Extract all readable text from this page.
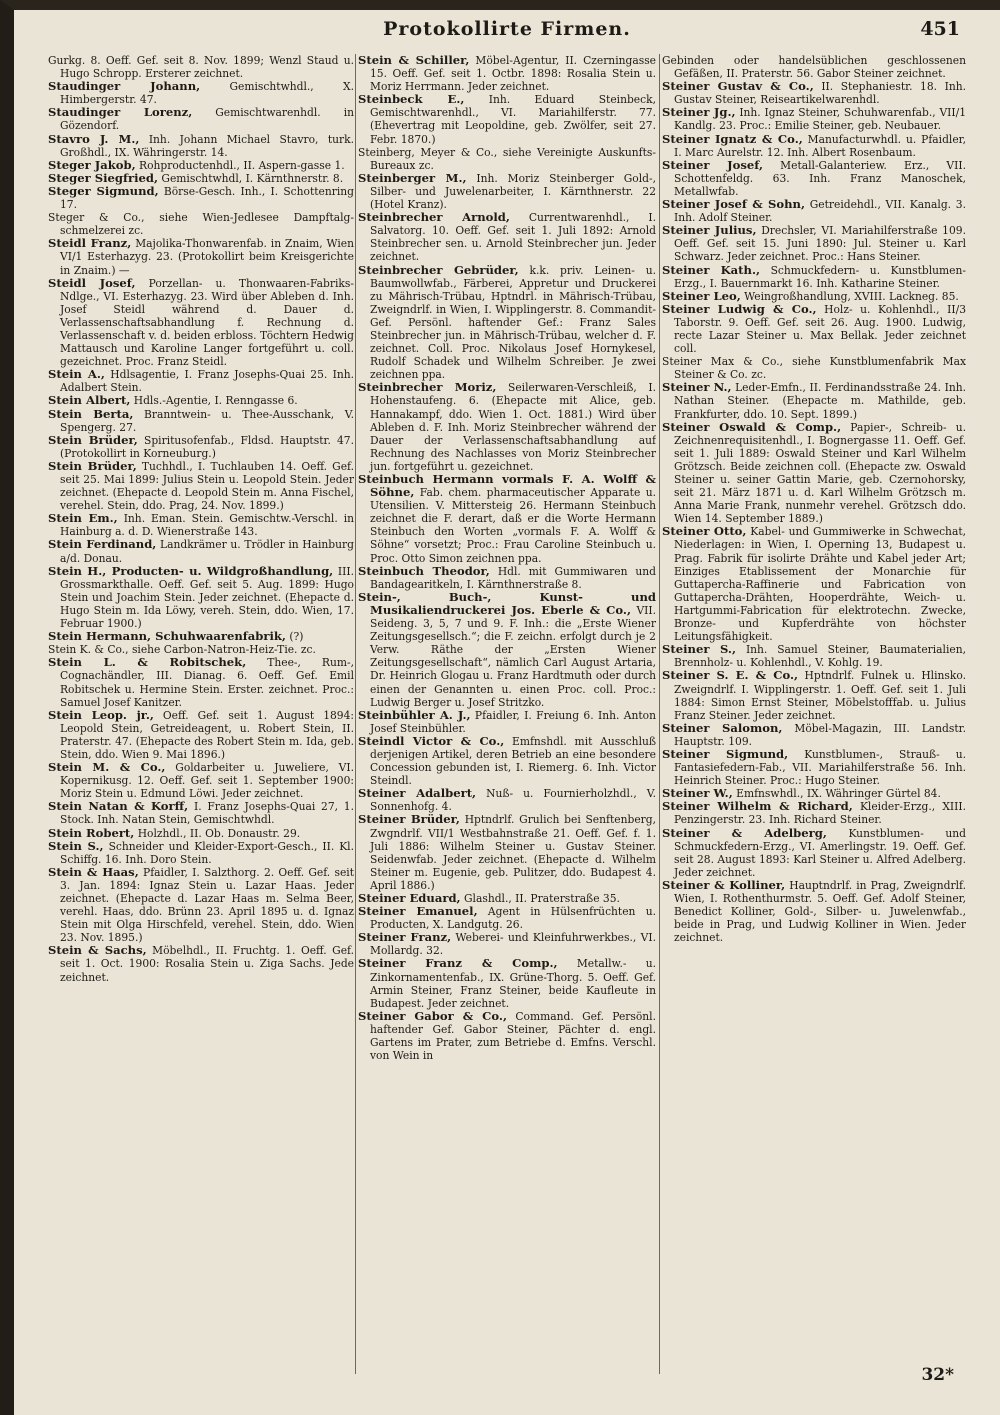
Protokollirte Firmen.	451

Gurkg. 8. Oeff. Gef. seit 8. Nov. 1899; Wenzl Staud u. Hugo Schropp. Ersterer zeichnet.

Staudinger Johann,	Gemischtwhdl., X. Himbergerstr. 47.

Staudinger Lorenz, Gemischtwarenhdl. in Gözendorf.

Stavro J. M., Inh. Johann Michael Stavro, turk. Großhdl., IX. Währingerstr. 14.

Steger Jakob, Rohproductenhdl., II. Aspern-gasse 1.

Steger Siegfried, Gemischtwhdl, I. Kärnthnerstr. 8.

Steger Sigmund, Börse-Gesch. Inh., I. Schottenring 17.

Steger & Co., siehe Wien-Jedlesee Dampftalg-schmelzerei zc.

Steidl Franz, Majolika-Thonwarenfab. in Znaim, Wien VI/1 Esterhazyg. 23. (Protokollirt beim Kreisgerichte in Znaim.) —

Steidl Josef, Porzellan- u. Thonwaaren-Fabriks-Ndlge., VI. Esterhazyg. 23. Wird über Ableben d. Inh. Josef Steidl während d. Dauer d. Verlassenschaftsabhandlung f. Rechnung d. Verlassenschaft v. d. beiden erbloss. Töchtern Hedwig Mattausch und Karoline Langer fortgeführt u. coll. gezeichnet. Proc. Franz Steidl.

Stein A., Hdlsagentie, I. Franz Josephs-Quai 25. Inh. Adalbert Stein.

Stein Albert, Hdls.-Agentie, I. Renngasse 6.

Stein Berta, Branntwein- u. Thee-Ausschank, V. Spengerg. 27.

Stein Brüder, Spiritusofenfab., Fldsd. Hauptstr. 47. (Protokollirt in Korneuburg.)

Stein Brüder, Tuchhdl., I. Tuchlauben 14. Oeff. Gef. seit 25. Mai 1899: Julius Stein u. Leopold Stein. Jeder zeichnet. (Ehepacte d. Leopold Stein m. Anna Fischel, verehel. Stein, ddo. Prag, 24. Nov. 1899.)

Stein Em., Inh. Eman. Stein. Gemischtw.-Verschl. in Hainburg a. d. D. Wienerstraße 143.

Stein Ferdinand, Landkrämer u. Trödler in Hainburg a/d. Donau.

Stein H., Producten- u. Wildgroßhandlung, III. Grossmarkthalle. Oeff. Gef. seit 5. Aug. 1899: Hugo Stein und Joachim Stein. Jeder zeichnet. (Ehepacte d. Hugo Stein m. Ida Löwy, vereh. Stein, ddo. Wien, 17. Februar 1900.)

Stein Hermann, Schuhwaarenfabrik, (?)

Stein K. & Co., siehe Carbon-Natron-Heiz-Tie. zc.

Stein L. & Robitschek, Thee-, Rum-, Cognachändler, III. Dianag. 6. Oeff. Gef. Emil Robitschek u. Hermine Stein. Erster. zeichnet. Proc.: Samuel Josef Kanitzer.

Stein Leop. jr., Oeff. Gef. seit 1. August 1894: Leopold Stein, Getreideagent, u. Robert Stein, II. Praterstr. 47. (Ehepacte des Robert Stein m. Ida, geb. Stein, ddo. Wien 9. Mai 1896.)

Stein M. & Co., Goldarbeiter u. Juweliere, VI. Kopernikusg. 12. Oeff. Gef. seit 1. September 1900: Moriz Stein u. Edmund Löwi. Jeder zeichnet.

Stein Natan & Korff, I. Franz Josephs-Quai 27, 1. Stock. Inh. Natan Stein, Gemischtwhdl.

Stein Robert, Holzhdl., II. Ob. Donaustr. 29.

Stein S., Schneider und Kleider-Export-Gesch., II. Kl. Schiffg. 16. Inh. Doro Stein.

Stein & Haas, Pfaidler, I. Salzthorg. 2. Oeff. Gef. seit 3. Jan. 1894: Ignaz Stein u. Lazar Haas. Jeder zeichnet. (Ehepacte d. Lazar Haas m. Selma Beer, verehl. Haas, ddo. Brünn 23. April 1895 u. d. Ignaz Stein mit Olga Hirschfeld, verehel. Stein, ddo. Wien 23. Nov. 1895.)

Stein & Sachs, Möbelhdl., II. Fruchtg. 1. Oeff. Gef. seit 1. Oct. 1900: Rosalia Stein u. Ziga Sachs. Jede zeichnet.

Stein & Schiller, Möbel-Agentur, II. Czerningasse 15. Oeff. Gef. seit 1. Octbr. 1898: Rosalia Stein u. Moriz Herrmann. Jeder zeichnet.

Steinbeck E., Inh. Eduard Steinbeck, Gemischtwarenhdl., VI. Mariahilferstr. 77. (Ehevertrag mit Leopoldine, geb. Zwölfer, seit 27. Febr. 1870.)

Steinberg, Meyer & Co., siehe Vereinigte Auskunfts-Bureaux zc.

Steinberger M., Inh. Moriz Steinberger Gold-, Silber- und Juwelenarbeiter, I. Kärnthnerstr. 22 (Hotel Kranz).

Steinbrecher Arnold, Currentwarenhdl., I. Salvatorg. 10. Oeff. Gef. seit 1. Juli 1892: Arnold Steinbrecher sen. u. Arnold Steinbrecher jun. Jeder zeichnet.

Steinbrecher Gebrüder, k.k. priv. Leinen- u. Baumwollwfab., Färberei, Appretur und Druckerei zu Mährisch-Trübau, Hptndrl. in Mährisch-Trübau, Zweigndrlf. in Wien, I. Wipplingerstr. 8. Commandit-Gef. Persönl. haftender Gef.: Franz Sales Steinbrecher jun. in Mährisch-Trübau, welcher d. F. zeichnet. Coll. Proc. Nikolaus Josef Hornykesel, Rudolf Schadek und Wilhelm Schreiber. Je zwei zeichnen ppa.

Steinbrecher Moriz, Seilerwaren-Verschleiß, I. Hohenstaufeng. 6. (Ehepacte mit Alice, geb. Hannakampf, ddo. Wien 1. Oct. 1881.) Wird über Ableben d. F. Inh. Moriz Steinbrecher während der Dauer der Verlassenschaftsabhandlung auf Rechnung des Nachlasses von Moriz Steinbrecher jun. fortgeführt u. gezeichnet.

Steinbuch Hermann vormals F. A. Wolff & Söhne, Fab. chem. pharmaceutischer Apparate u. Utensilien. V. Mittersteig 26. Hermann Steinbuch zeichnet die F. derart, daß er die Worte Hermann Steinbuch den Worten „vormals F. A. Wolff & Söhne“ vorsetzt; Proc.: Frau Caroline Steinbuch u. Proc. Otto Simon zeichnen ppa.

Steinbuch Theodor, Hdl. mit Gummiwaren und Bandagearitkeln, I. Kärnthnerstraße 8.

Stein-, Buch-, Kunst- und Musikaliendruckerei Jos. Eberle & Co., VII. Seideng. 3, 5, 7 und 9. F. Inh.: die „Erste Wiener Zeitungsgesellsch.“; die F. zeichn. erfolgt durch je 2 Verw. Räthe der „Ersten Wiener Zeitungsgesellschaft“, nämlich Carl August Artaria, Dr. Heinrich Glogau u. Franz Hardtmuth oder durch einen der Genannten u. einen Proc. coll. Proc.: Ludwig Berger u. Josef Stritzko.

Steinbühler A. J., Pfaidler, I. Freiung 6. Inh. Anton Josef Steinbühler.

Steindl Victor & Co., Emfnshdl. mit Ausschluß derjenigen Artikel, deren Betrieb an eine besondere Concession gebunden ist, I. Riemerg. 6. Inh. Victor Steindl.

Steiner Adalbert, Nuß- u. Fournierholzhdl., V. Sonnenhofg. 4.

Steiner Brüder, Hptndrlf. Grulich bei Senftenberg, Zwgndrlf. VII/1 Westbahnstraße 21. Oeff. Gef. f. 1. Juli 1886: Wilhelm Steiner u. Gustav Steiner. Seidenwfab. Jeder zeichnet. (Ehepacte d. Wilhelm Steiner m. Eugenie, geb. Pulitzer, ddo. Budapest 4. April 1886.)

Steiner Eduard, Glashdl., II. Praterstraße 35.

Steiner Emanuel, Agent in Hülsenfrüchten u. Producten, X. Landgutg. 26.

Steiner Franz, Weberei- und Kleinfuhrwerkbes., VI. Mollardg. 32.

Steiner Franz & Comp., Metallw.- u. Zinkornamentenfab., IX. Grüne-Thorg. 5. Oeff. Gef. Armin Steiner, Franz Steiner, beide Kaufleute in Budapest. Jeder zeichnet.

Steiner Gabor & Co., Command. Gef. Persönl. haftender Gef. Gabor Steiner, Pächter d. engl. Gartens im Prater, zum Betriebe d. Emfns. Verschl. von Wein in

Gebinden oder handelsüblichen geschlossenen Gefäßen, II. Praterstr. 56. Gabor Steiner zeichnet.

Steiner Gustav & Co., II. Stephaniestr. 18. Inh. Gustav Steiner, Reiseartikelwarenhdl.

Steiner Jg., Inh. Ignaz Steiner, Schuhwarenfab., VII/1 Kandlg. 23. Proc.: Emilie Steiner, geb. Neubauer.

Steiner Ignatz & Co., Manufacturwhdl. u. Pfaidler, I. Marc Aurelstr. 12. Inh. Albert Rosenbaum.

Steiner Josef, Metall-Galanteriew. Erz., VII. Schottenfeldg. 63. Inh. Franz Manoschek, Metallwfab.

Steiner Josef & Sohn, Getreidehdl., VII. Kanalg. 3. Inh. Adolf Steiner.

Steiner Julius, Drechsler, VI. Mariahilferstraße 109. Oeff. Gef. seit 15. Juni 1890: Jul. Steiner u. Karl Schwarz. Jeder zeichnet. Proc.: Hans Steiner.

Steiner Kath., Schmuckfedern- u. Kunstblumen-Erzg., I. Bauernmarkt 16. Inh. Katharine Steiner.

Steiner Leo, Weingroßhandlung, XVIII. Lackneg. 85.

Steiner Ludwig & Co., Holz- u. Kohlenhdl., II/3 Taborstr. 9. Oeff. Gef. seit 26. Aug. 1900. Ludwig, recte Lazar Steiner u. Max Bellak. Jeder zeichnet coll.

Steiner Max & Co., siehe Kunstblumenfabrik Max Steiner & Co. zc.

Steiner N., Leder-Emfn., II. Ferdinandsstraße 24. Inh. Nathan Steiner. (Ehepacte m. Mathilde, geb. Frankfurter, ddo. 10. Sept. 1899.)

Steiner Oswald & Comp., Papier-, Schreib- u. Zeichnenrequisitenhdl., I. Bognergasse 11. Oeff. Gef. seit 1. Juli 1889: Oswald Steiner und Karl Wilhelm Grötzsch. Beide zeichnen coll. (Ehepacte zw. Oswald Steiner u. seiner Gattin Marie, geb. Czernohorsky, seit 21. März 1871 u. d. Karl Wilhelm Grötzsch m. Anna Marie Frank, nunmehr verehel. Grötzsch ddo. Wien 14. September 1889.)

Steiner Otto, Kabel- und Gummiwerke in Schwechat, Niederlagen: in Wien, I. Operning 13, Budapest u. Prag. Fabrik für isolirte Drähte und Kabel jeder Art; Einziges Etablissement der Monarchie für Guttapercha-Raffinerie und Fabrication von Guttapercha-Drähten, Hooperdrähte, Weich- u. Hartgummi-Fabrication für elektrotechn. Zwecke, Bronze- und Kupferdrähte von höchster Leitungsfähigkeit.

Steiner S., Inh. Samuel Steiner, Baumaterialien, Brennholz- u. Kohlenhdl., V. Kohlg. 19.

Steiner S. E. & Co., Hptndrlf. Fulnek u. Hlinsko. Zweigndrlf. I. Wipplingerstr. 1. Oeff. Gef. seit 1. Juli 1884: Simon Ernst Steiner, Möbelstofffab. u. Julius Franz Steiner. Jeder zeichnet.

Steiner Salomon, Möbel-Magazin, III. Landstr. Hauptstr. 109.

Steiner Sigmund, Kunstblumen-, Strauß- u. Fantasiefedern-Fab., VII. Mariahilferstraße 56. Inh. Heinrich Steiner. Proc.: Hugo Steiner.

Steiner W., Emfnswhdl., IX. Währinger Gürtel 84.

Steiner Wilhelm & Richard, Kleider-Erzg., XIII. Penzingerstr. 23. Inh. Richard Steiner.

Steiner & Adelberg, Kunstblumen- und Schmuckfedern-Erzg., VI. Amerlingstr. 19. Oeff. Gef. seit 28. August 1893: Karl Steiner u. Alfred Adelberg. Jeder zeichnet.

Steiner & Kolliner, Hauptndrlf. in Prag, Zweigndrlf. Wien, I. Rothenthurmstr. 5. Oeff. Gef. Adolf Steiner, Benedict Kolliner, Gold-, Silber- u. Juwelenwfab., beide in Prag, und Ludwig Kolliner in Wien. Jeder zeichnet.

32*
